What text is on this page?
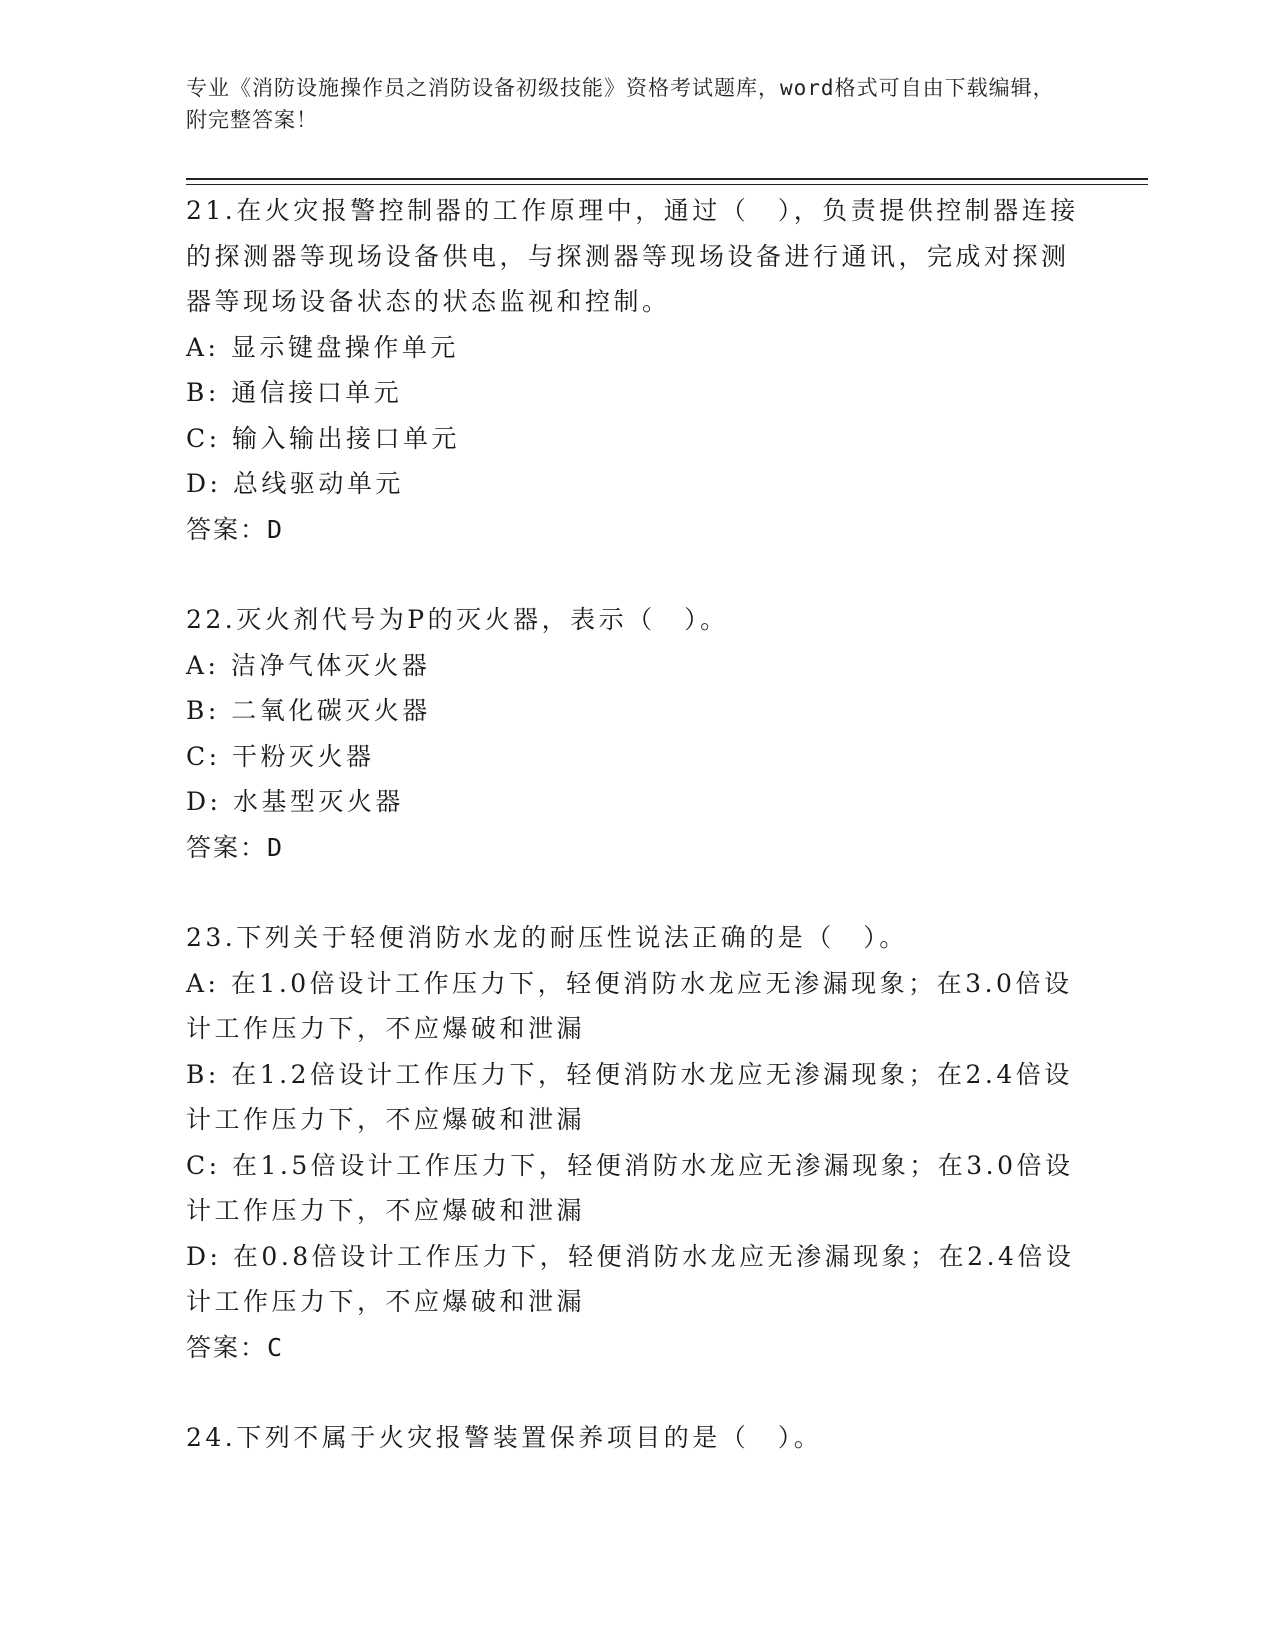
专业《消防设施操作员之消防设备初级技能》资格考试题库，word格式可自由下载编辑，附完整答案！

21.在火灾报警控制器的工作原理中，通过（　），负责提供控制器连接的探测器等现场设备供电，与探测器等现场设备进行通讯，完成对探测器等现场设备状态的状态监视和控制。

A: 显示键盘操作单元

B: 通信接口单元

C: 输入输出接口单元

D: 总线驱动单元

答案：D

22.灭火剂代号为P的灭火器，表示（　）。

A: 洁净气体灭火器

B: 二氧化碳灭火器

C: 干粉灭火器

D: 水基型灭火器

答案：D

23.下列关于轻便消防水龙的耐压性说法正确的是（　）。

A: 在1.0倍设计工作压力下，轻便消防水龙应无渗漏现象；在3.0倍设计工作压力下，不应爆破和泄漏

B: 在1.2倍设计工作压力下，轻便消防水龙应无渗漏现象；在2.4倍设计工作压力下，不应爆破和泄漏

C: 在1.5倍设计工作压力下，轻便消防水龙应无渗漏现象；在3.0倍设计工作压力下，不应爆破和泄漏

D: 在0.8倍设计工作压力下，轻便消防水龙应无渗漏现象；在2.4倍设计工作压力下，不应爆破和泄漏

答案：C

24.下列不属于火灾报警装置保养项目的是（　）。
